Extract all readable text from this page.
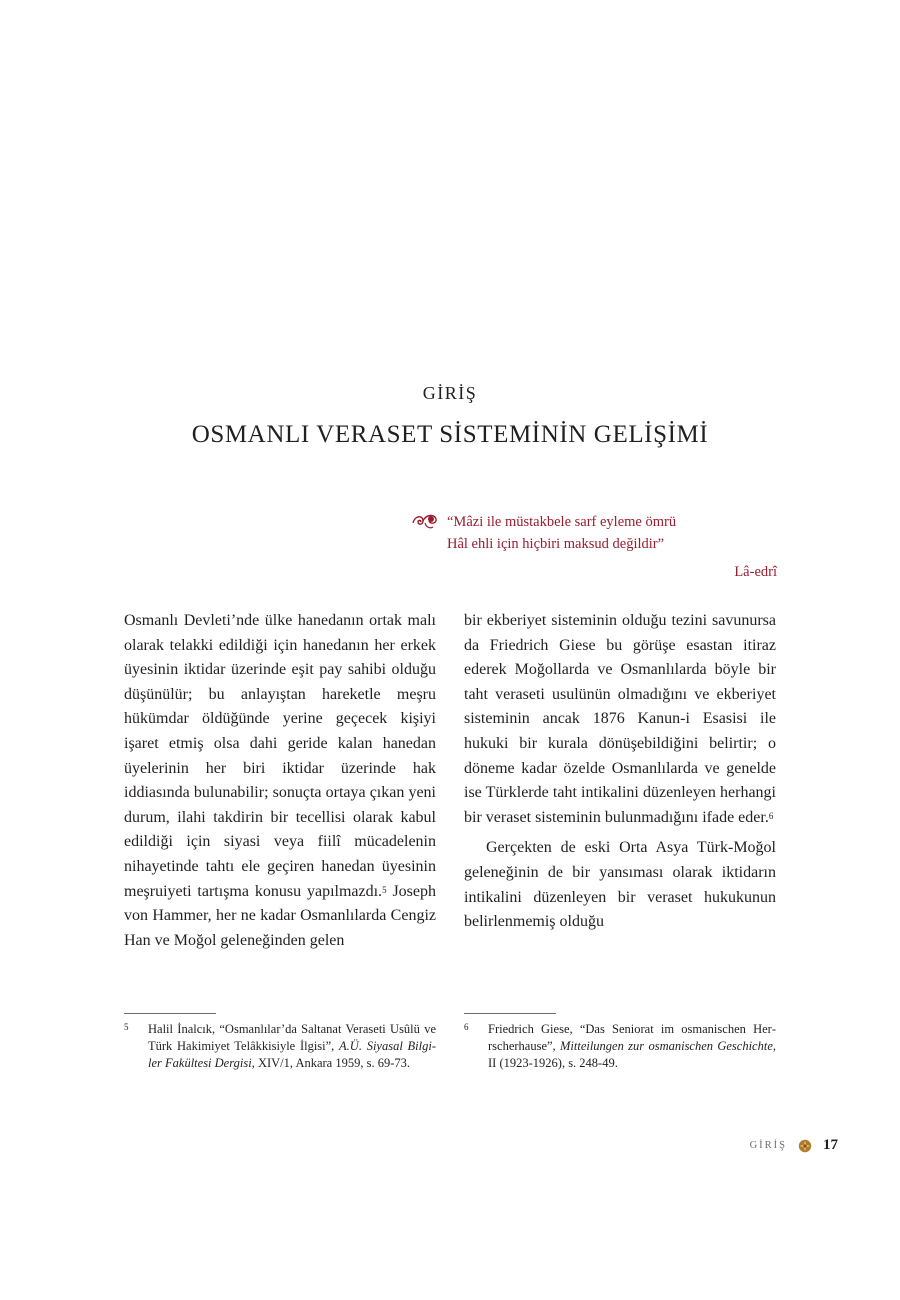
GİRİŞ
OSMANLI VERASET SİSTEMİNİN GELİŞİMİ
“Mâzi ile müstakbele sarf eyleme ömrü
Hâl ehli için hiçbiri maksud değildir”
Lâ-edrî

Osmanlı Devleti’nde ülke hanedanın ortak malı olarak telakki edildiği için hanedanın her erkek üyesinin iktidar üzerinde eşit pay sahibi olduğu düşünülür; bu anlayıştan hareketle meşru hükümdar öldüğünde yerine geçecek kişiyi işaret etmiş olsa dahi geride kalan hanedan üyelerinin her biri iktidar üzerinde hak iddiasında bulunabilir; sonuçta ortaya çıkan yeni durum, ilahi takdirin bir tecellisi olarak kabul edildiği için siyasi veya fiilî mücadelenin nihayetinde tahtı ele geçiren hanedan üyesinin meşruiyeti tartışma konusu yapılmazdı.$^5$ Joseph von Hammer, her ne kadar Osmanlılarda Cengiz Han ve Moğol geleneğinden gelen

bir ekberiyet sisteminin olduğu tezini savunursa da Friedrich Giese bu görüşe esastan itiraz ederek Moğollarda ve Osmanlılarda böyle bir taht veraseti usulünün olmadığını ve ekberiyet sisteminin ancak 1876 Kanun-i Esasisi ile hukuki bir kurala dönüşebildiğini belirtir; o döneme kadar özelde Osmanlılarda ve genelde ise Türklerde taht intikalini düzenleyen herhangi bir veraset sisteminin bulunmadığını ifade eder.$^6$

Gerçekten de eski Orta Asya Türk-Moğol geleneğinin de bir yansıması olarak iktidarın intikalini düzenleyen bir veraset hukukunun belirlenmemiş olduğu

5 Halil İnalcık, “Osmanlılar’da Saltanat Veraseti Usûlü ve Türk Hakimiyet Telâkkisiyle İlgisi”, A.Ü. Siyasal Bilgiler Fakültesi Dergisi, XIV/1, Ankara 1959, s. 69-73.
6 Friedrich Giese, “Das Seniorat im osmanischen Herrscherhause”, Mitteilungen zur osmanischen Geschichte, II (1923-1926), s. 248-49.
GİRİŞ 17
